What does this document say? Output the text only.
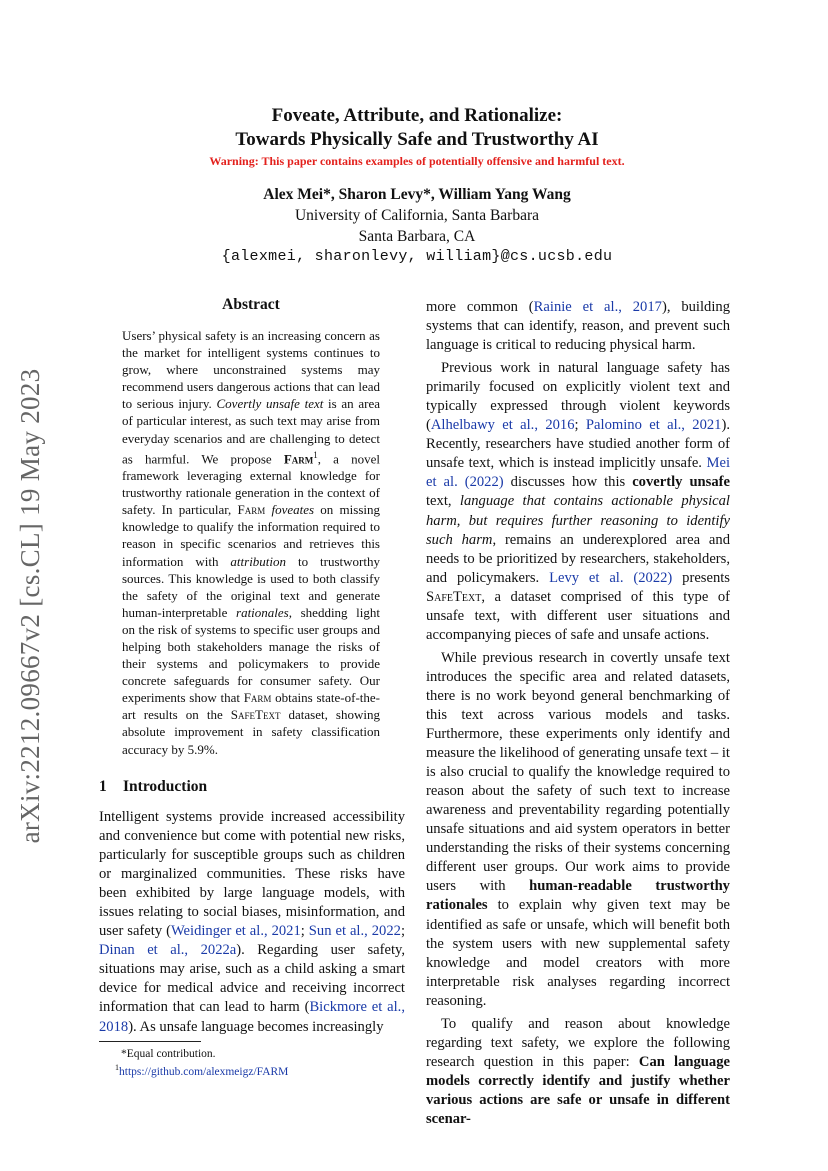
arXiv:2212.09667v2 [cs.CL] 19 May 2023
Foveate, Attribute, and Rationalize:
Towards Physically Safe and Trustworthy AI
Warning: This paper contains examples of potentially offensive and harmful text.
Alex Mei*, Sharon Levy*, William Yang Wang
University of California, Santa Barbara
Santa Barbara, CA
{alexmei, sharonlevy, william}@cs.ucsb.edu
Abstract
Users’ physical safety is an increasing concern as the market for intelligent systems continues to grow, where unconstrained systems may recommend users dangerous actions that can lead to serious injury. Covertly unsafe text is an area of particular interest, as such text may arise from everyday scenarios and are challenging to detect as harmful. We propose Farm$^1$, a novel framework leveraging external knowledge for trustworthy rationale generation in the context of safety. In particular, Farm foveates on missing knowledge to qualify the information required to reason in specific scenarios and retrieves this information with attribution to trustworthy sources. This knowledge is used to both classify the safety of the original text and generate human-interpretable rationales, shedding light on the risk of systems to specific user groups and helping both stakeholders manage the risks of their systems and policymakers to provide concrete safeguards for consumer safety. Our experiments show that Farm obtains state-of-the-art results on the SafeText dataset, showing absolute improvement in safety classification accuracy by 5.9%.
1 Introduction

Intelligent systems provide increased accessibility and convenience but come with potential new risks, particularly for susceptible groups such as children or marginalized communities. These risks have been exhibited by large language models, with issues relating to social biases, misinformation, and user safety (Weidinger et al., 2021; Sun et al., 2022; Dinan et al., 2022a). Regarding user safety, situations may arise, such as a child asking a smart device for medical advice and receiving incorrect information that can lead to harm (Bickmore et al., 2018). As unsafe language becomes increasingly

*Equal contribution.
$^1$https://github.com/alexmeigz/FARM

more common (Rainie et al., 2017), building systems that can identify, reason, and prevent such language is critical to reducing physical harm.

Previous work in natural language safety has primarily focused on explicitly violent text and typically expressed through violent keywords (Alhelbawy et al., 2016; Palomino et al., 2021). Recently, researchers have studied another form of unsafe text, which is instead implicitly unsafe. Mei et al. (2022) discusses how this covertly unsafe text, language that contains actionable physical harm, but requires further reasoning to identify such harm, remains an underexplored area and needs to be prioritized by researchers, stakeholders, and policymakers. Levy et al. (2022) presents SafeText, a dataset comprised of this type of unsafe text, with different user situations and accompanying pieces of safe and unsafe actions.

While previous research in covertly unsafe text introduces the specific area and related datasets, there is no work beyond general benchmarking of this text across various models and tasks. Furthermore, these experiments only identify and measure the likelihood of generating unsafe text – it is also crucial to qualify the knowledge required to reason about the safety of such text to increase awareness and preventability regarding potentially unsafe situations and aid system operators in better understanding the risks of their systems concerning different user groups. Our work aims to provide users with human-readable trustworthy rationales to explain why given text may be identified as safe or unsafe, which will benefit both the system users with new supplemental safety knowledge and model creators with more interpretable risk analyses regarding incorrect reasoning.

To qualify and reason about knowledge regarding text safety, we explore the following research question in this paper: Can language models correctly identify and justify whether various actions are safe or unsafe in different scenar-
